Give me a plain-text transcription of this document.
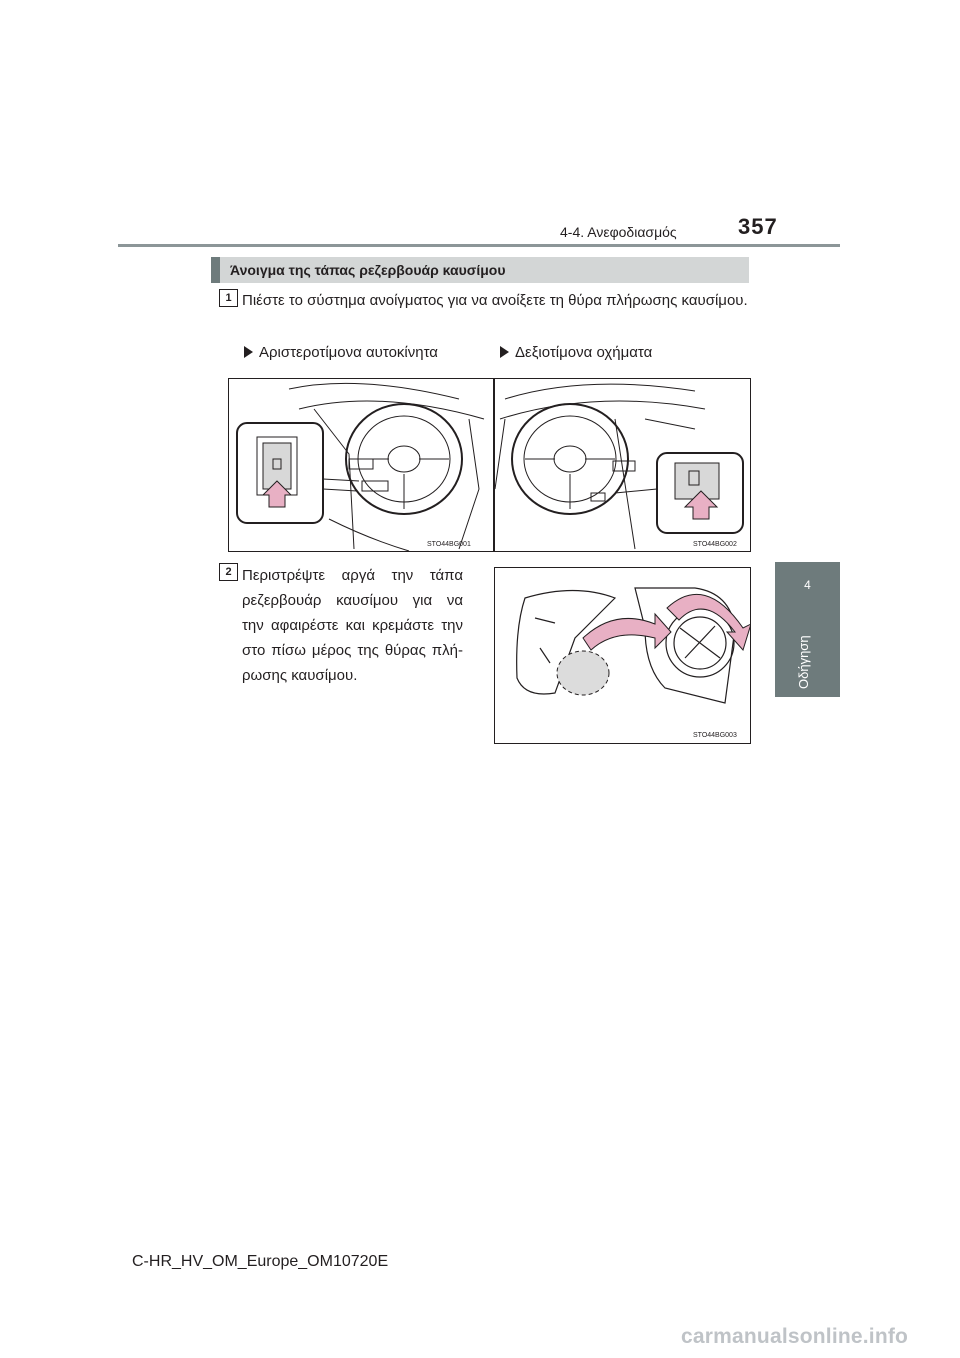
4-4. Ανεφοδιασμός	357
4
Οδήγηση
Άνοιγμα της τάπας ρεζερβουάρ καυσίμου
1 Πιέστε το σύστημα ανοίγματος για να ανοίξετε τη θύρα πλήρωσης καυσίμου.
Αριστεροτίμονα αυτοκίνητα	Δεξιοτίμονα οχήματα
STO44BG001	STO44BG002
2 Περιστρέψτε αργά την τάπα

ρεζερβουάρ καυσίμου για να

την αφαιρέστε και κρεμάστε την

στο πίσω μέρος της θύρας πλή-

ρωσης καυσίμου.

STO44BG003
C-HR_HV_OM_Europe_OM10720E
carmanualsonline.info
